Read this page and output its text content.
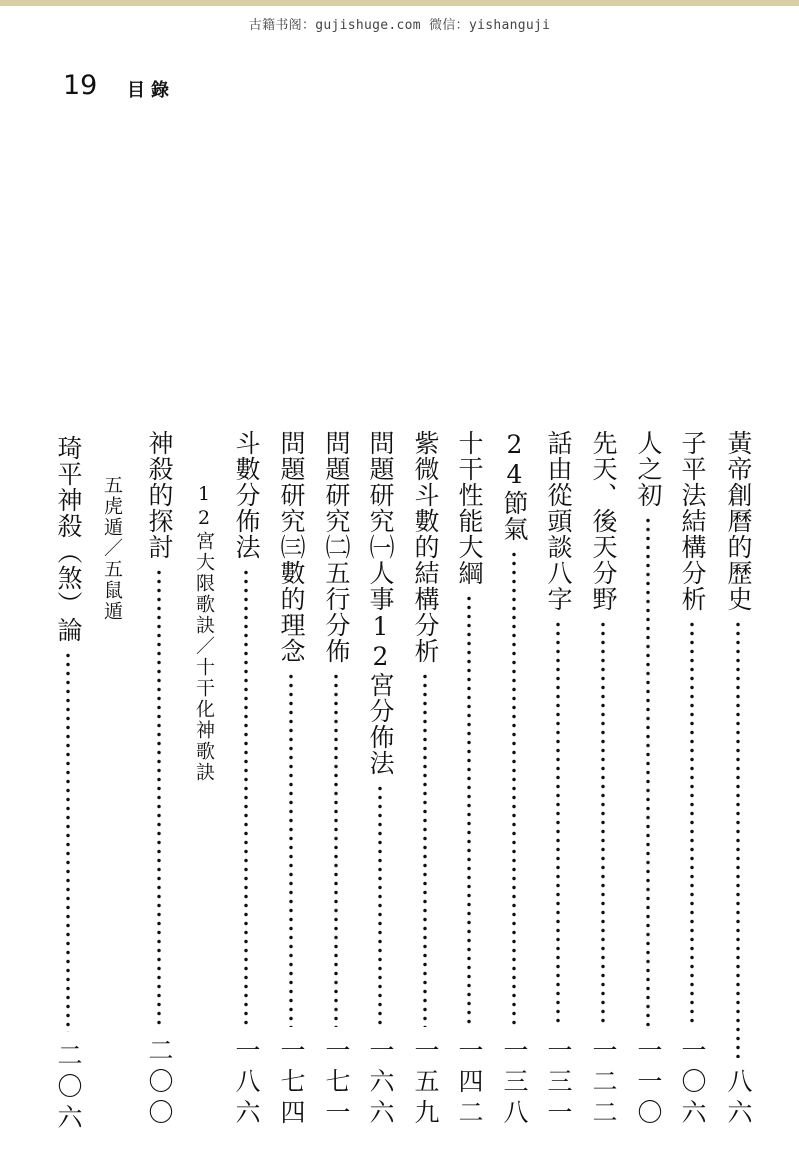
古籍书阁：gujishuge.com 微信：yishanguji
19 目錄
黃帝創曆的歷史
八六
子平法結構分析
一〇六
人之初
一一〇
先天、後天分野
一二二
話由從頭談八字
一三一
24節氣
一三八
十干性能大綱
一四二
紫微斗數的結構分析
一五九
問題研究㈠人事12宮分佈法
一六六
問題研究㈡五行分佈
一七一
問題研究㈢數的理念
一七四
斗數分佈法
一八六
12宮大限歌訣／十干化神歌訣
神殺的探討
二〇〇
五虎遁／五鼠遁
琦平神殺（煞）論
二〇六
